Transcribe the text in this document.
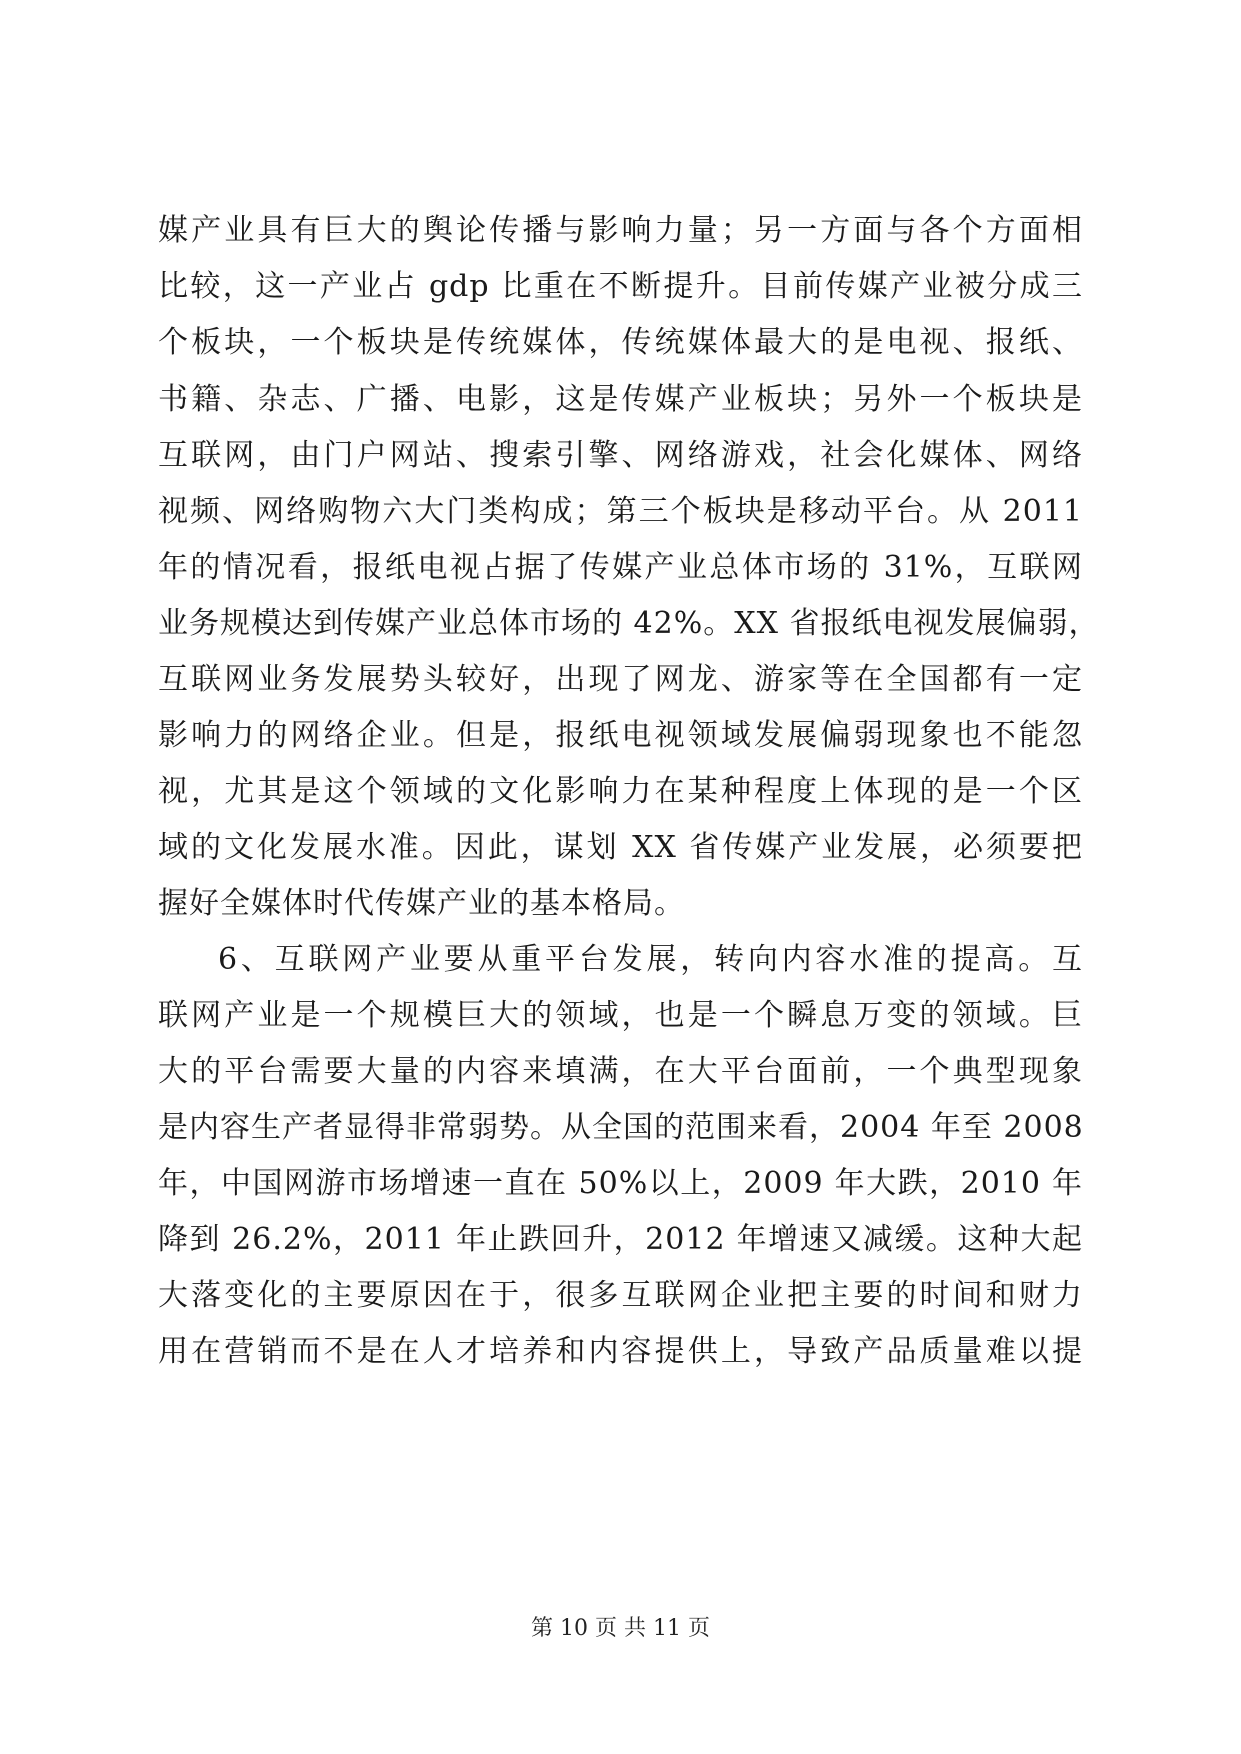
媒产业具有巨大的舆论传播与影响力量；另一方面与各个方面相
比较，这一产业占 gdp 比重在不断提升。目前传媒产业被分成三
个板块，一个板块是传统媒体，传统媒体最大的是电视、报纸、
书籍、杂志、广播、电影，这是传媒产业板块；另外一个板块是
互联网，由门户网站、搜索引擎、网络游戏，社会化媒体、网络
视频、网络购物六大门类构成；第三个板块是移动平台。从 2011
年的情况看，报纸电视占据了传媒产业总体市场的 31%，互联网
业务规模达到传媒产业总体市场的 42%。XX 省报纸电视发展偏弱，
互联网业务发展势头较好，出现了网龙、游家等在全国都有一定
影响力的网络企业。但是，报纸电视领域发展偏弱现象也不能忽
视，尤其是这个领域的文化影响力在某种程度上体现的是一个区
域的文化发展水准。因此，谋划 XX 省传媒产业发展，必须要把
握好全媒体时代传媒产业的基本格局。
6、互联网产业要从重平台发展，转向内容水准的提高。互
联网产业是一个规模巨大的领域，也是一个瞬息万变的领域。巨
大的平台需要大量的内容来填满，在大平台面前，一个典型现象
是内容生产者显得非常弱势。从全国的范围来看，2004 年至 2008
年，中国网游市场增速一直在 50%以上，2009 年大跌，2010 年
降到 26.2%，2011 年止跌回升，2012 年增速又减缓。这种大起
大落变化的主要原因在于，很多互联网企业把主要的时间和财力
用在营销而不是在人才培养和内容提供上，导致产品质量难以提
第 10 页 共 11 页
